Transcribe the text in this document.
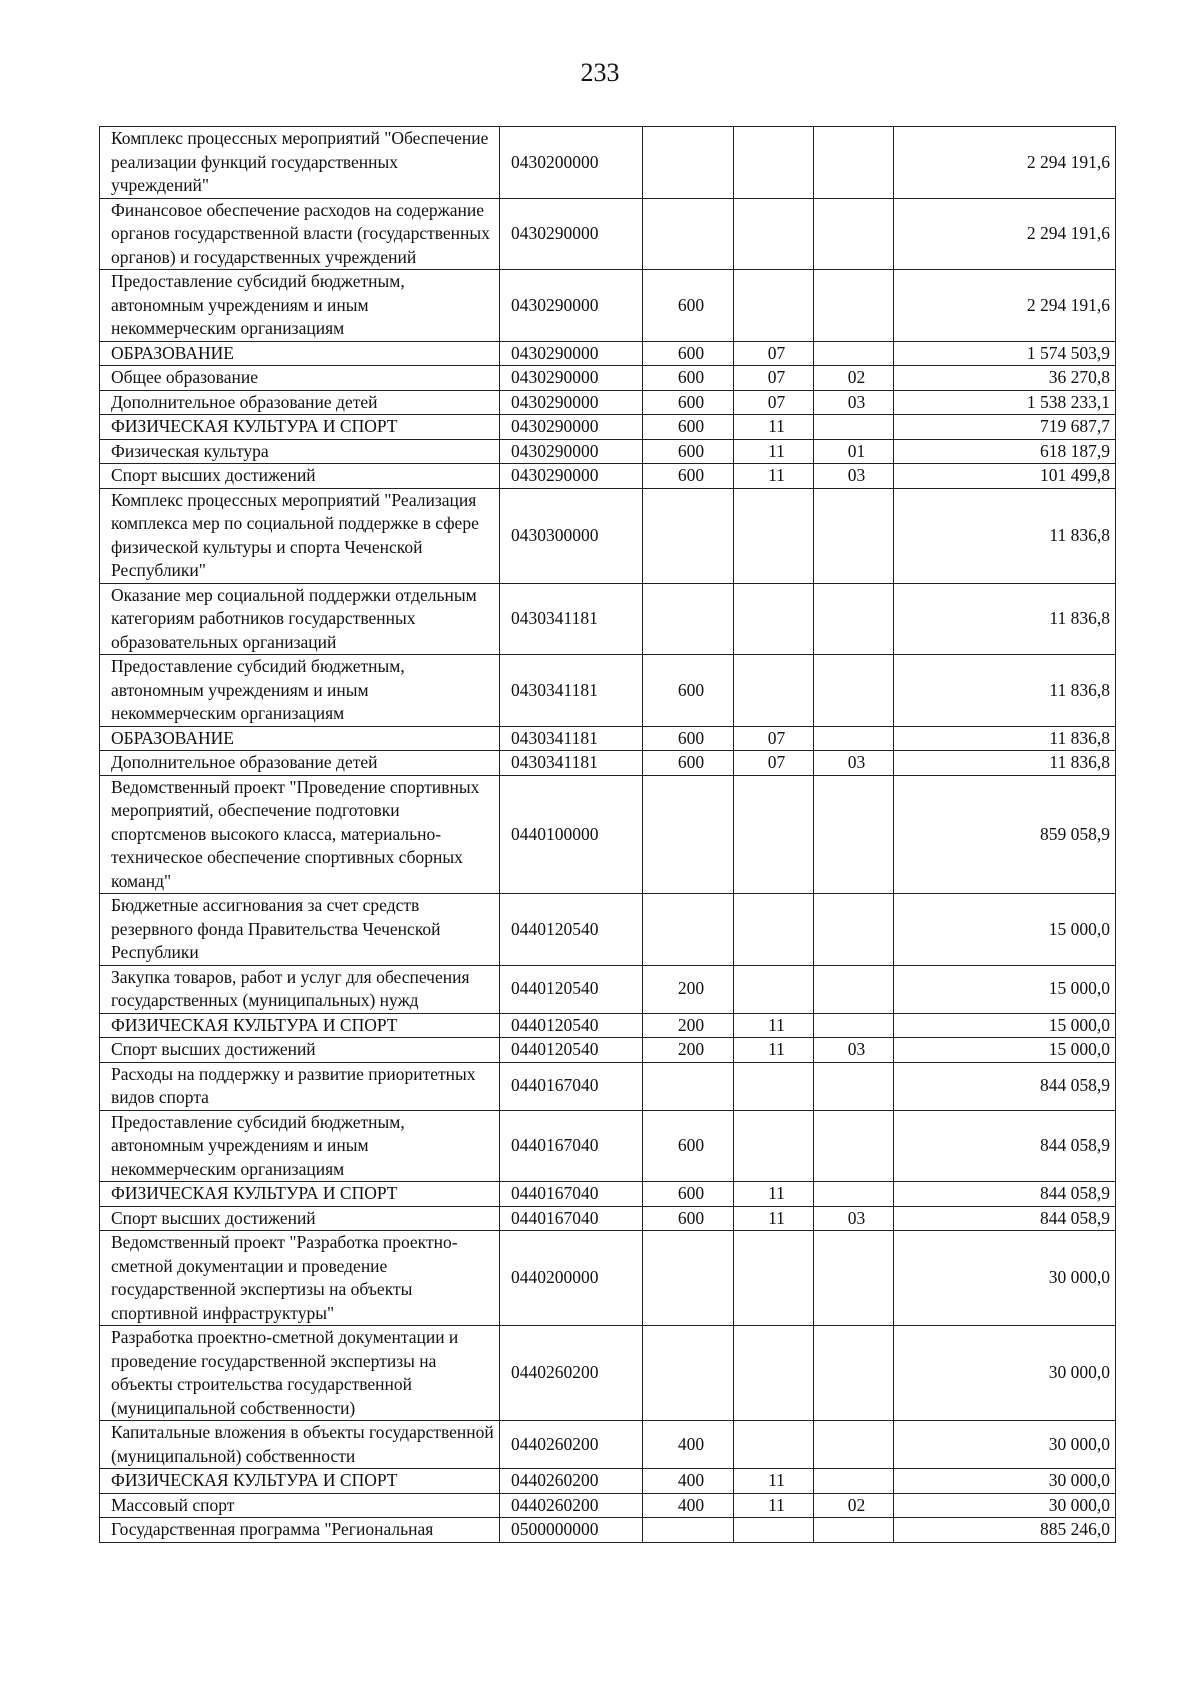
233
Комплекс процессных мероприятий "Обеспечение реализации функций государственных учреждений"	0430200000				2 294 191,6
Финансовое обеспечение расходов на содержание органов государственной власти (государственных органов) и государственных учреждений	0430290000				2 294 191,6
Предоставление субсидий бюджетным, автономным учреждениям и иным некоммерческим организациям	0430290000	600			2 294 191,6
ОБРАЗОВАНИЕ	0430290000	600	07		1 574 503,9
Общее образование	0430290000	600	07	02	36 270,8
Дополнительное образование детей	0430290000	600	07	03	1 538 233,1
ФИЗИЧЕСКАЯ КУЛЬТУРА И СПОРТ	0430290000	600	11		719 687,7
Физическая культура	0430290000	600	11	01	618 187,9
Спорт высших достижений	0430290000	600	11	03	101 499,8
Комплекс процессных мероприятий "Реализация комплекса мер по социальной поддержке в сфере физической культуры и спорта Чеченской Республики"	0430300000				11 836,8
Оказание мер социальной поддержки отдельным категориям работников государственных образовательных организаций	0430341181				11 836,8
Предоставление субсидий бюджетным, автономным учреждениям и иным некоммерческим организациям	0430341181	600			11 836,8
ОБРАЗОВАНИЕ	0430341181	600	07		11 836,8
Дополнительное образование детей	0430341181	600	07	03	11 836,8
Ведомственный проект "Проведение спортивных мероприятий, обеспечение подготовки спортсменов высокого класса, материально-техническое обеспечение спортивных сборных команд"	0440100000				859 058,9
Бюджетные ассигнования за счет средств резервного фонда Правительства Чеченской Республики	0440120540				15 000,0
Закупка товаров, работ и услуг для обеспечения государственных (муниципальных) нужд	0440120540	200			15 000,0
ФИЗИЧЕСКАЯ КУЛЬТУРА И СПОРТ	0440120540	200	11		15 000,0
Спорт высших достижений	0440120540	200	11	03	15 000,0
Расходы на поддержку и развитие приоритетных видов спорта	0440167040				844 058,9
Предоставление субсидий бюджетным, автономным учреждениям и иным некоммерческим организациям	0440167040	600			844 058,9
ФИЗИЧЕСКАЯ КУЛЬТУРА И СПОРТ	0440167040	600	11		844 058,9
Спорт высших достижений	0440167040	600	11	03	844 058,9
Ведомственный проект "Разработка проектно-сметной документации и проведение государственной экспертизы на объекты спортивной инфраструктуры"	0440200000				30 000,0
Разработка проектно-сметной документации и проведение государственной экспертизы на объекты строительства государственной (муниципальной собственности)	0440260200				30 000,0
Капитальные вложения в объекты государственной (муниципальной) собственности	0440260200	400			30 000,0
ФИЗИЧЕСКАЯ КУЛЬТУРА И СПОРТ	0440260200	400	11		30 000,0
Массовый спорт	0440260200	400	11	02	30 000,0
Государственная программа "Региональная	0500000000				885 246,0
